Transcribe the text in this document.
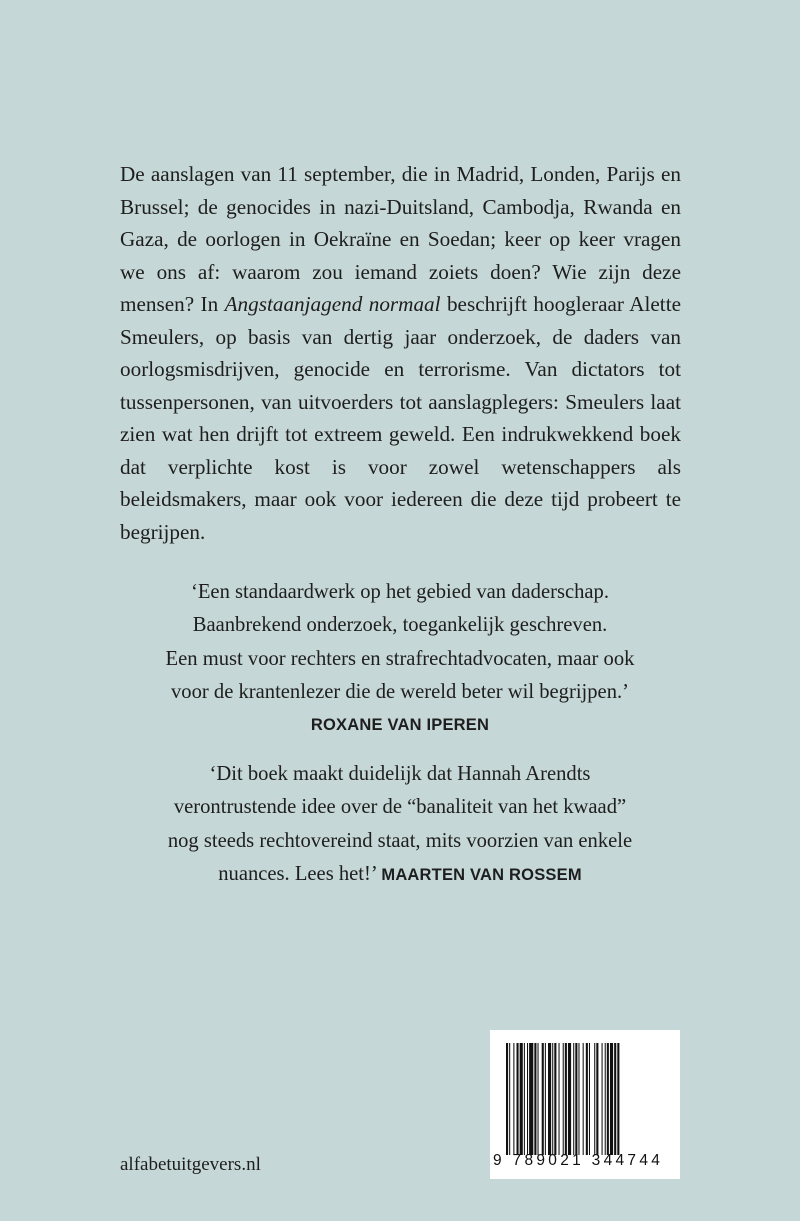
De aanslagen van 11 september, die in Madrid, Londen, Parijs en Brussel; de genocides in nazi-Duitsland, Cambodja, Rwanda en Gaza, de oorlogen in Oekraïne en Soedan; keer op keer vragen we ons af: waarom zou iemand zoiets doen? Wie zijn deze mensen? In Angstaanjagend normaal beschrijft hoogleraar Alette Smeulers, op basis van dertig jaar onderzoek, de daders van oorlogsmisdrijven, genocide en terrorisme. Van dictators tot tussenpersonen, van uitvoerders tot aanslagplegers: Smeulers laat zien wat hen drijft tot extreem geweld. Een indrukwekkend boek dat verplichte kost is voor zowel wetenschappers als beleidsmakers, maar ook voor iedereen die deze tijd probeert te begrijpen.

‘Een standaardwerk op het gebied van daderschap.
Baanbrekend onderzoek, toegankelijk geschreven.
Een must voor rechters en strafrechtadvocaten, maar ook
voor de krantenlezer die de wereld beter wil begrijpen.’
ROXANE VAN IPEREN
‘Dit boek maakt duidelijk dat Hannah Arendts
verontrustende idee over de “banaliteit van het kwaad”
nog steeds rechtovereind staat, mits voorzien van enkele
nuances. Lees het!’ MAARTEN VAN ROSSEM
9 789021 344744
alfabetuitgevers.nl
